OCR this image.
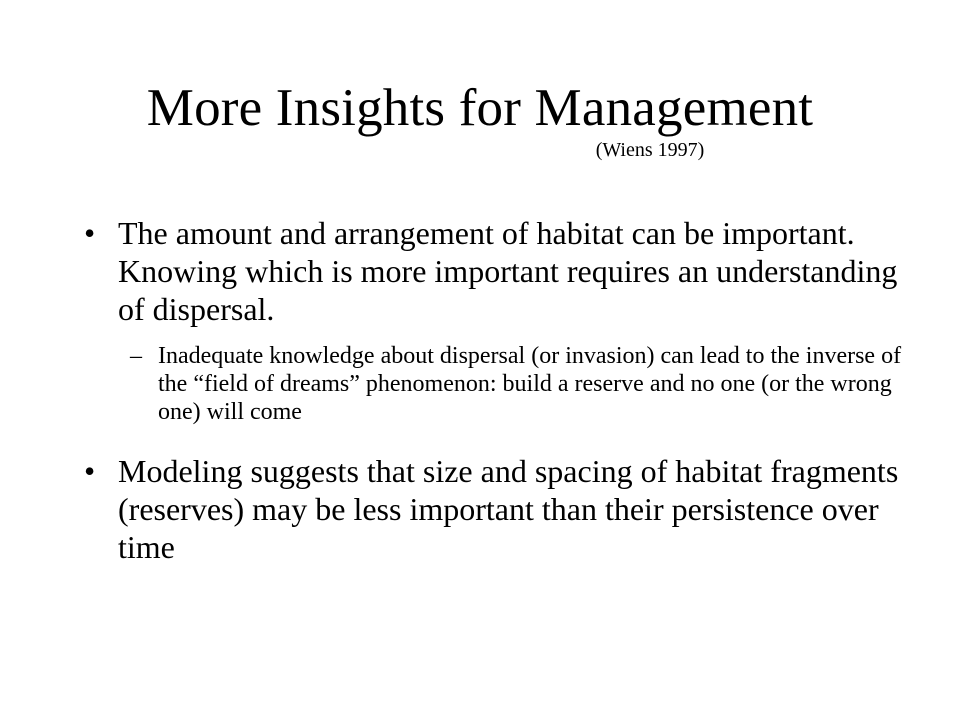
More Insights for Management

(Wiens 1997)

• The amount and arrangement of habitat can be important. Knowing which is more important requires an understanding of dispersal.
– Inadequate knowledge about dispersal (or invasion) can lead to the inverse of the “field of dreams” phenomenon: build a reserve and no one (or the wrong one) will come
• Modeling suggests that size and spacing of habitat fragments (reserves) may be less important than their persistence over time
